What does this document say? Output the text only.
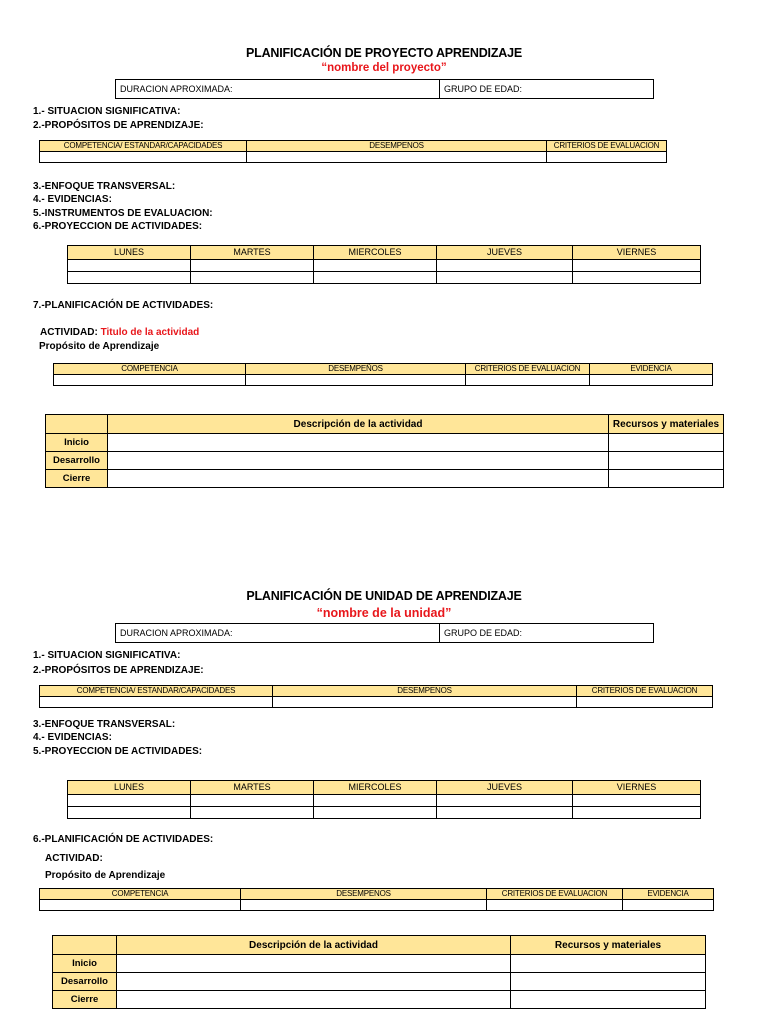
PLANIFICACIÓN DE PROYECTO APRENDIZAJE
“nombre del proyecto”
DURACION APROXIMADA:	GRUPO DE EDAD:
1.- SITUACION SIGNIFICATIVA:
2.-PROPÓSITOS DE APRENDIZAJE:
COMPETENCIA/ ESTANDAR/CAPACIDADES	DESEMPENOS	CRITERIOS DE EVALUACION

3.-ENFOQUE TRANSVERSAL:
4.- EVIDENCIAS:
5.-INSTRUMENTOS DE EVALUACION:
6.-PROYECCION DE ACTIVIDADES:
LUNES	MARTES	MIERCOLES	JUEVES	VIERNES

7.-PLANIFICACIÓN DE ACTIVIDADES:
ACTIVIDAD: Titulo de la actividad
Propósito de Aprendizaje
COMPETENCIA	DESEMPEÑOS	CRITERIOS DE EVALUACION	EVIDENCIA

	Descripción de la actividad	Recursos y materiales
Inicio		
Desarrollo		
Cierre		
PLANIFICACIÓN DE UNIDAD DE APRENDIZAJE
“nombre de la unidad”
DURACION APROXIMADA:	GRUPO DE EDAD:
1.- SITUACION SIGNIFICATIVA:
2.-PROPÓSITOS DE APRENDIZAJE:
COMPETENCIA/ ESTANDAR/CAPACIDADES	DESEMPENOS	CRITERIOS DE EVALUACION

3.-ENFOQUE TRANSVERSAL:
4.- EVIDENCIAS:
5.-PROYECCION DE ACTIVIDADES:
LUNES	MARTES	MIERCOLES	JUEVES	VIERNES

6.-PLANIFICACIÓN DE ACTIVIDADES:
ACTIVIDAD:
Propósito de Aprendizaje
COMPETENCIA	DESEMPENOS	CRITERIOS DE EVALUACION	EVIDENCIA

	Descripción de la actividad	Recursos y materiales
Inicio		
Desarrollo		
Cierre		
